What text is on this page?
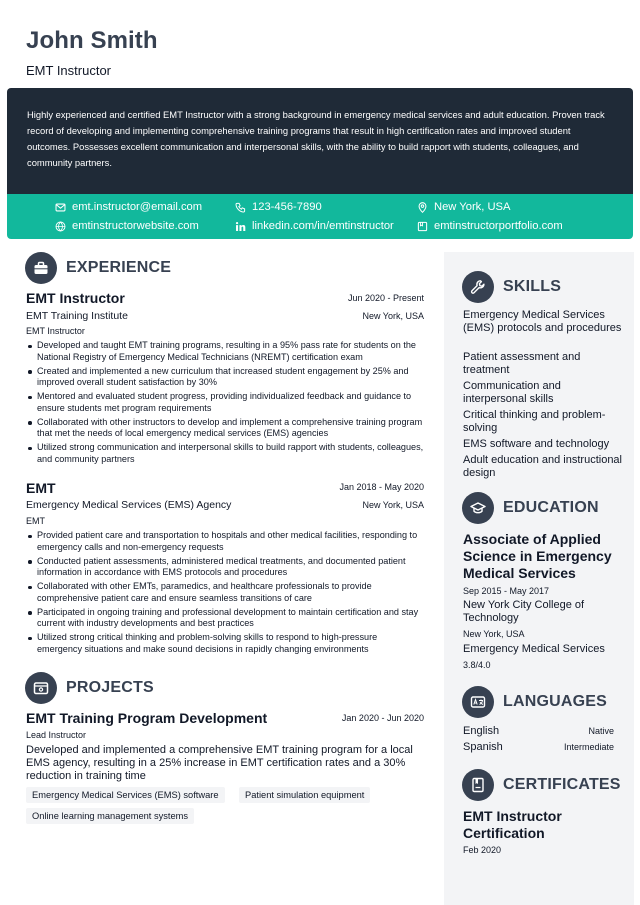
John Smith
EMT Instructor
Highly experienced and certified EMT Instructor with a strong background in emergency medical services and adult education. Proven track record of developing and implementing comprehensive training programs that result in high certification rates and improved student outcomes. Possesses excellent communication and interpersonal skills, with the ability to build rapport with students, colleagues, and community partners.
emt.instructor@email.com	123-456-7890	New York, USA
emtinstructorwebsite.com	linkedin.com/in/emtinstructor	emtinstructorportfolio.com
EXPERIENCE
EMT Instructor	Jun 2020 - Present
EMT Training Institute	New York, USA
EMT Instructor
Developed and taught EMT training programs, resulting in a 95% pass rate for students on the National Registry of Emergency Medical Technicians (NREMT) certification exam
Created and implemented a new curriculum that increased student engagement by 25% and improved overall student satisfaction by 30%
Mentored and evaluated student progress, providing individualized feedback and guidance to ensure students met program requirements
Collaborated with other instructors to develop and implement a comprehensive training program that met the needs of local emergency medical services (EMS) agencies
Utilized strong communication and interpersonal skills to build rapport with students, colleagues, and community partners
EMT	Jan 2018 - May 2020
Emergency Medical Services (EMS) Agency	New York, USA
EMT
Provided patient care and transportation to hospitals and other medical facilities, responding to emergency calls and non-emergency requests
Conducted patient assessments, administered medical treatments, and documented patient information in accordance with EMS protocols and procedures
Collaborated with other EMTs, paramedics, and healthcare professionals to provide comprehensive patient care and ensure seamless transitions of care
Participated in ongoing training and professional development to maintain certification and stay current with industry developments and best practices
Utilized strong critical thinking and problem-solving skills to respond to high-pressure emergency situations and make sound decisions in rapidly changing environments
PROJECTS
EMT Training Program Development	Jan 2020 - Jun 2020
Lead Instructor
Developed and implemented a comprehensive EMT training program for a local EMS agency, resulting in a 25% increase in EMT certification rates and a 30% reduction in training time
Emergency Medical Services (EMS) software	Patient simulation equipment
Online learning management systems
SKILLS
Emergency Medical Services (EMS) protocols and procedures
Patient assessment and treatment
Communication and interpersonal skills
Critical thinking and problem-solving
EMS software and technology
Adult education and instructional design
EDUCATION
Associate of Applied Science in Emergency Medical Services
Sep 2015 - May 2017
New York City College of Technology
New York, USA
Emergency Medical Services
3.8/4.0
LANGUAGES
English	Native
Spanish	Intermediate
CERTIFICATES
EMT Instructor Certification
Feb 2020
